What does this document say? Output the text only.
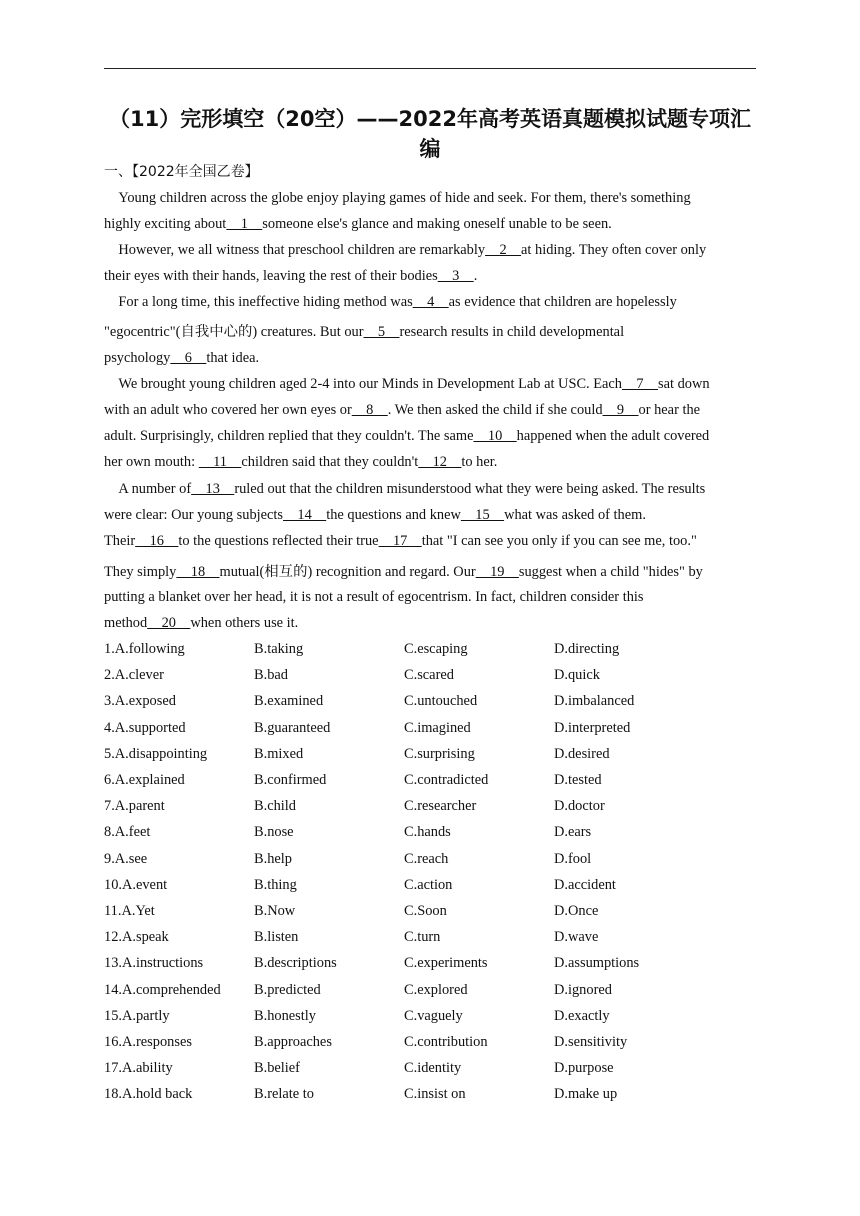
（11）完形填空（20空）——2022年高考英语真题模拟试题专项汇
编
一、【2022年全国乙卷】
Young children across the globe enjoy playing games of hide and seek. For them, there's something
highly exciting about    1    someone else's glance and making oneself unable to be seen.
However, we all witness that preschool children are remarkably    2    at hiding. They often cover only
their eyes with their hands, leaving the rest of their bodies    3    .
For a long time, this ineffective hiding method was    4    as evidence that children are hopelessly
"egocentric"(自我中心的) creatures. But our    5    research results in child developmental
psychology    6    that idea.
We brought young children aged 2-4 into our Minds in Development Lab at USC. Each    7    sat down
with an adult who covered her own eyes or    8    . We then asked the child if she could    9    or hear the
adult. Surprisingly, children replied that they couldn't. The same    10    happened when the adult covered
her own mouth:     11    children said that they couldn't    12    to her.
A number of    13    ruled out that the children misunderstood what they were being asked. The results
were clear: Our young subjects    14    the questions and knew    15    what was asked of them.
Their    16    to the questions reflected their true    17    that "I can see you only if you can see me, too."
They simply    18    mutual(相互的) recognition and regard. Our    19    suggest when a child "hides" by
putting a blanket over her head, it is not a result of egocentrism. In fact, children consider this
method    20    when others use it.
1.A.following	B.taking	C.escaping	D.directing
2.A.clever	B.bad	C.scared	D.quick
3.A.exposed	B.examined	C.untouched	D.imbalanced
4.A.supported	B.guaranteed	C.imagined	D.interpreted
5.A.disappointing	B.mixed	C.surprising	D.desired
6.A.explained	B.confirmed	C.contradicted	D.tested
7.A.parent	B.child	C.researcher	D.doctor
8.A.feet	B.nose	C.hands	D.ears
9.A.see	B.help	C.reach	D.fool
10.A.event	B.thing	C.action	D.accident
11.A.Yet	B.Now	C.Soon	D.Once
12.A.speak	B.listen	C.turn	D.wave
13.A.instructions	B.descriptions	C.experiments	D.assumptions
14.A.comprehended B.predicted	C.explored	D.ignored
15.A.partly	B.honestly	C.vaguely	D.exactly
16.A.responses	B.approaches	C.contribution	D.sensitivity
17.A.ability	B.belief	C.identity	D.purpose
18.A.hold back	B.relate to	C.insist on	D.make up
